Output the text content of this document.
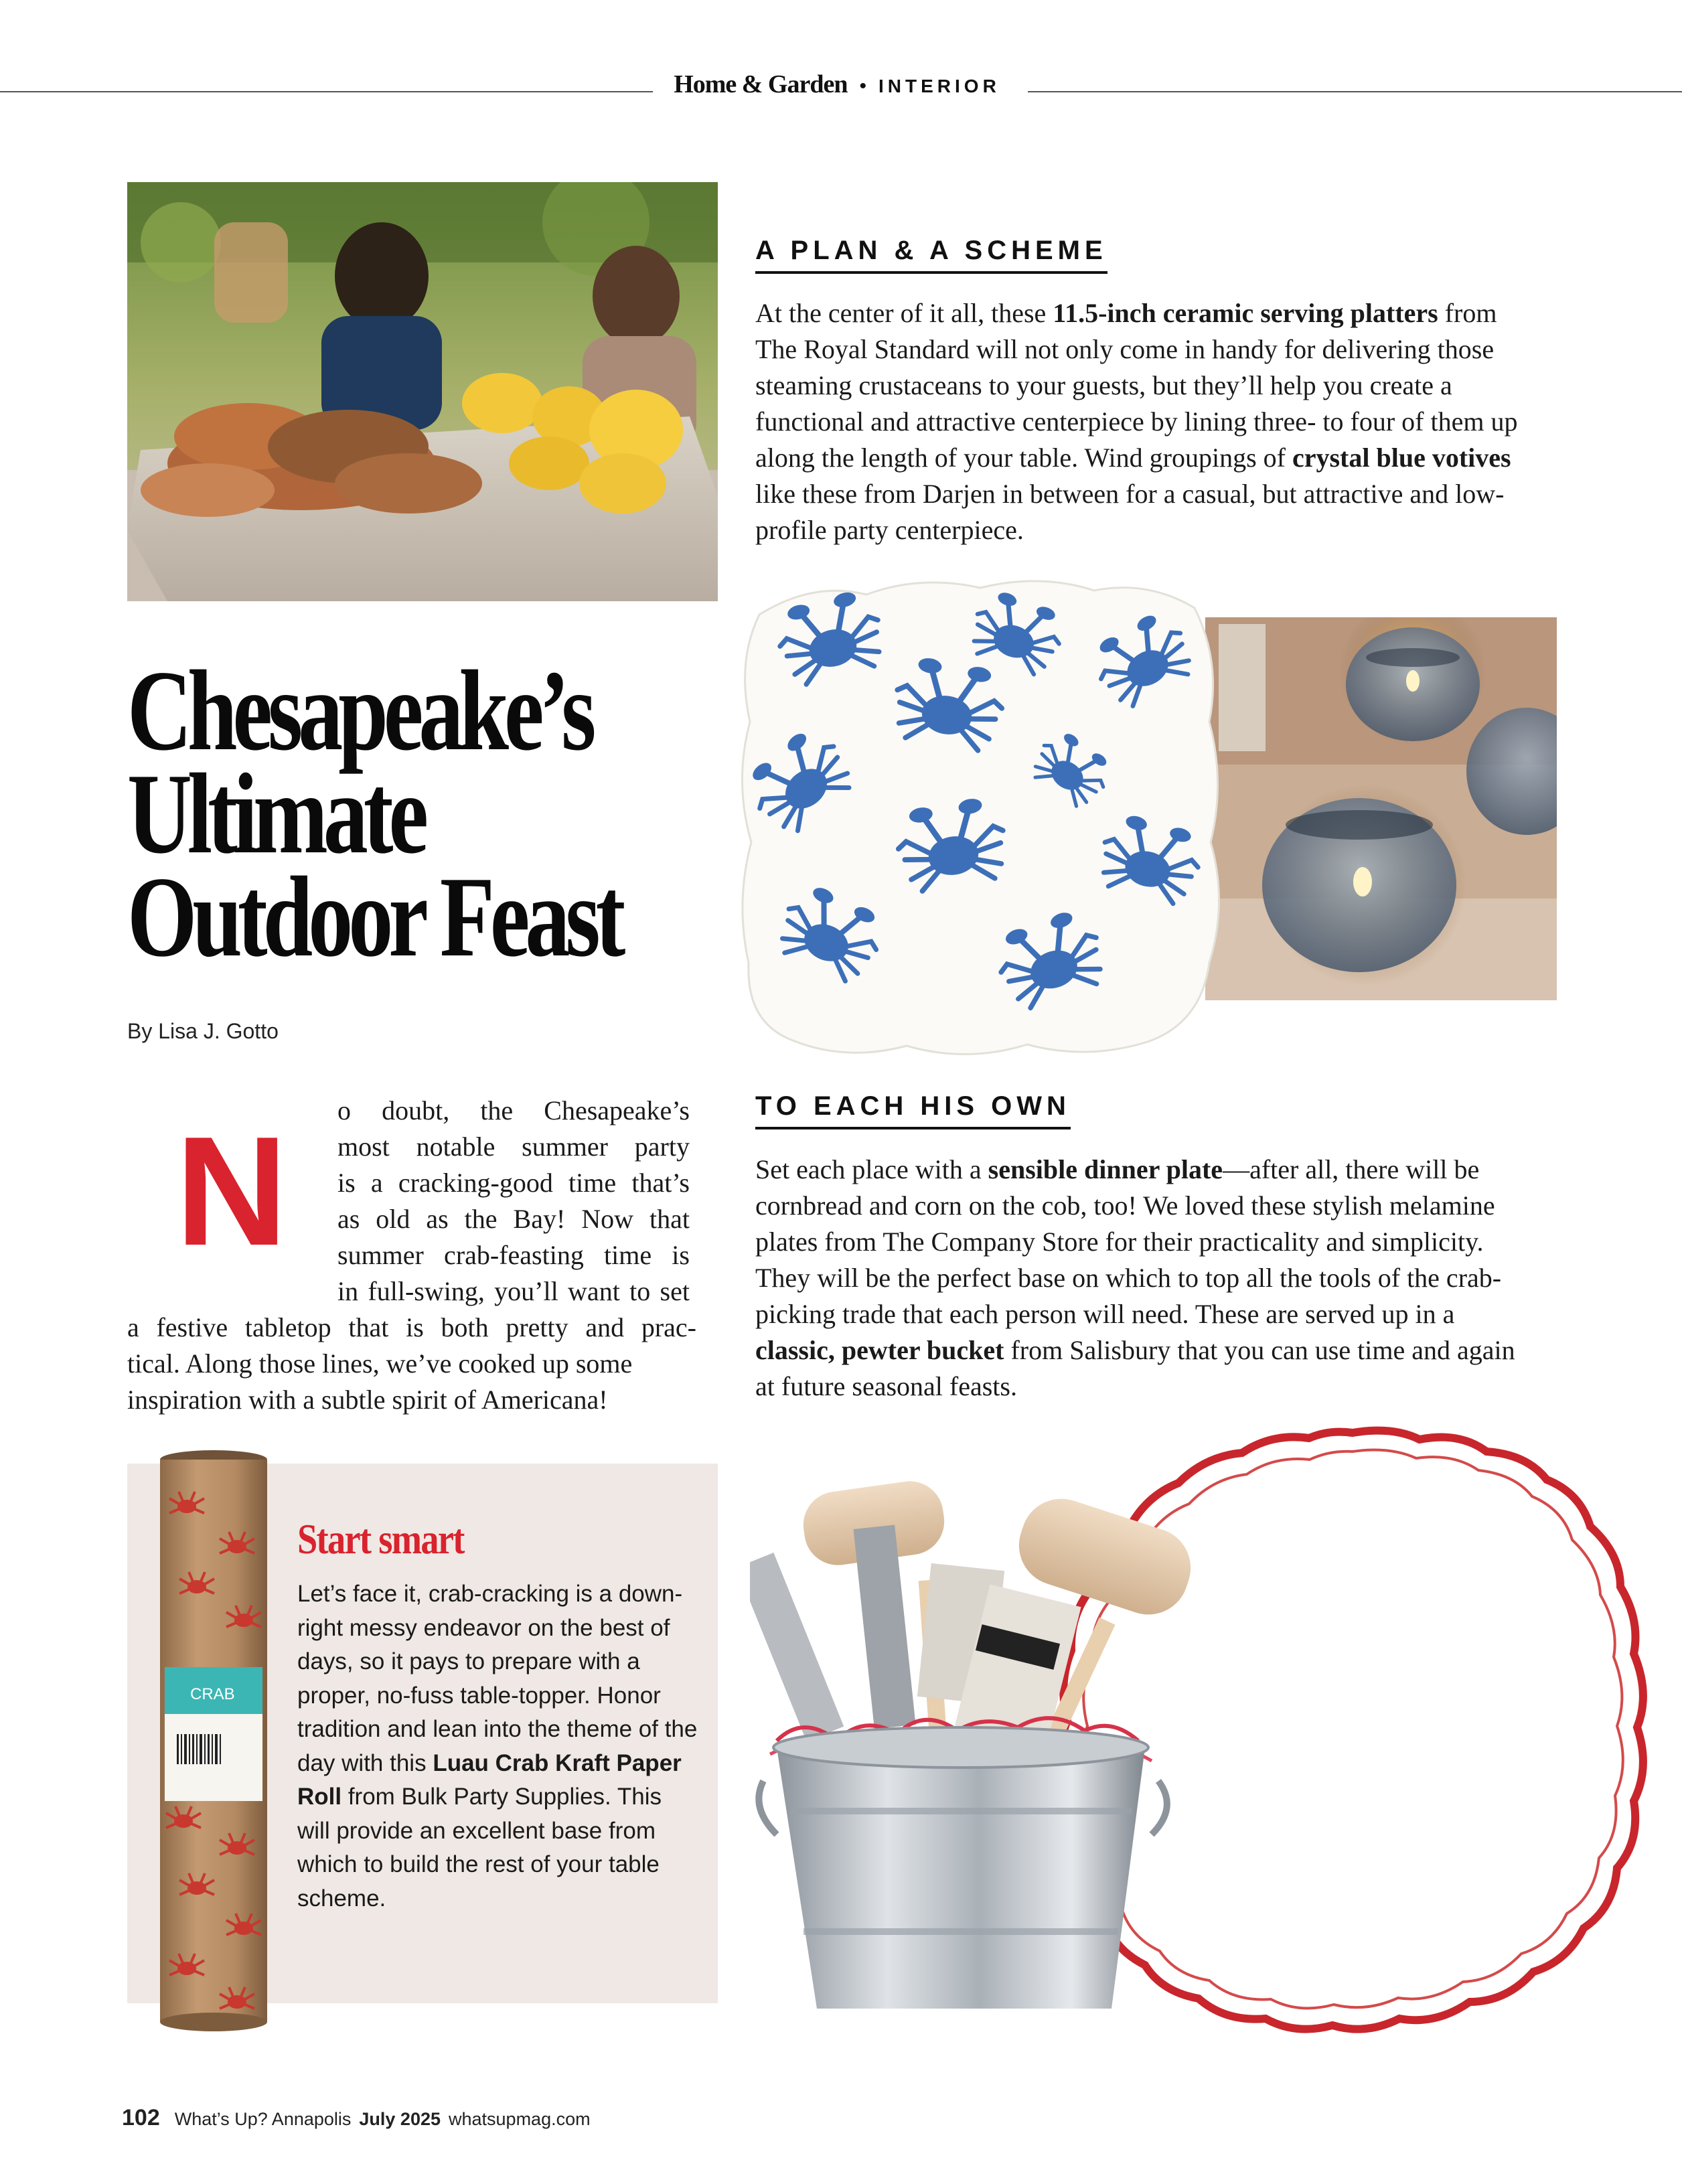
Home & Garden • INTERIOR
A PLAN & A SCHEME
At the center of it all, these 11.5-inch ceramic serving platters from The Royal Standard will not only come in handy for delivering those steaming crustaceans to your guests, but they’ll help you create a functional and attractive centerpiece by lining three- to four of them up along the length of your table. Wind groupings of crystal blue votives like these from Darjen in between for a casual, but attractive and low-profile party centerpiece.
Chesapeake’s
Ultimate
Outdoor Feast
By Lisa J. Gotto
N o doubt, the Chesapeake’s
most notable summer party
is a cracking-good time that’s
as old as the Bay! Now that
summer crab-feasting time is
in full-swing, you’ll want to set
a festive tabletop that is both pretty and prac-
tical. Along those lines, we’ve cooked up some
inspiration with a subtle spirit of Americana!
TO EACH HIS OWN
Set each place with a sensible dinner plate—after all, there will be cornbread and corn on the cob, too! We loved these stylish melamine plates from The Company Store for their practicality and simplicity. They will be the perfect base on which to top all the tools of the crab-picking trade that each person will need. These are served up in a classic, pewter bucket from Salisbury that you can use time and again at future seasonal feasts.
CRAB
Start smart
Let’s face it, crab-cracking is a down-right messy endeavor on the best of days, so it pays to prepare with a proper, no-fuss table-topper. Honor tradition and lean into the theme of the day with this Luau Crab Kraft Paper Roll from Bulk Party Supplies. This will provide an excellent base from which to build the rest of your table scheme.
102 What’s Up? Annapolis July 2025 whatsupmag.com
